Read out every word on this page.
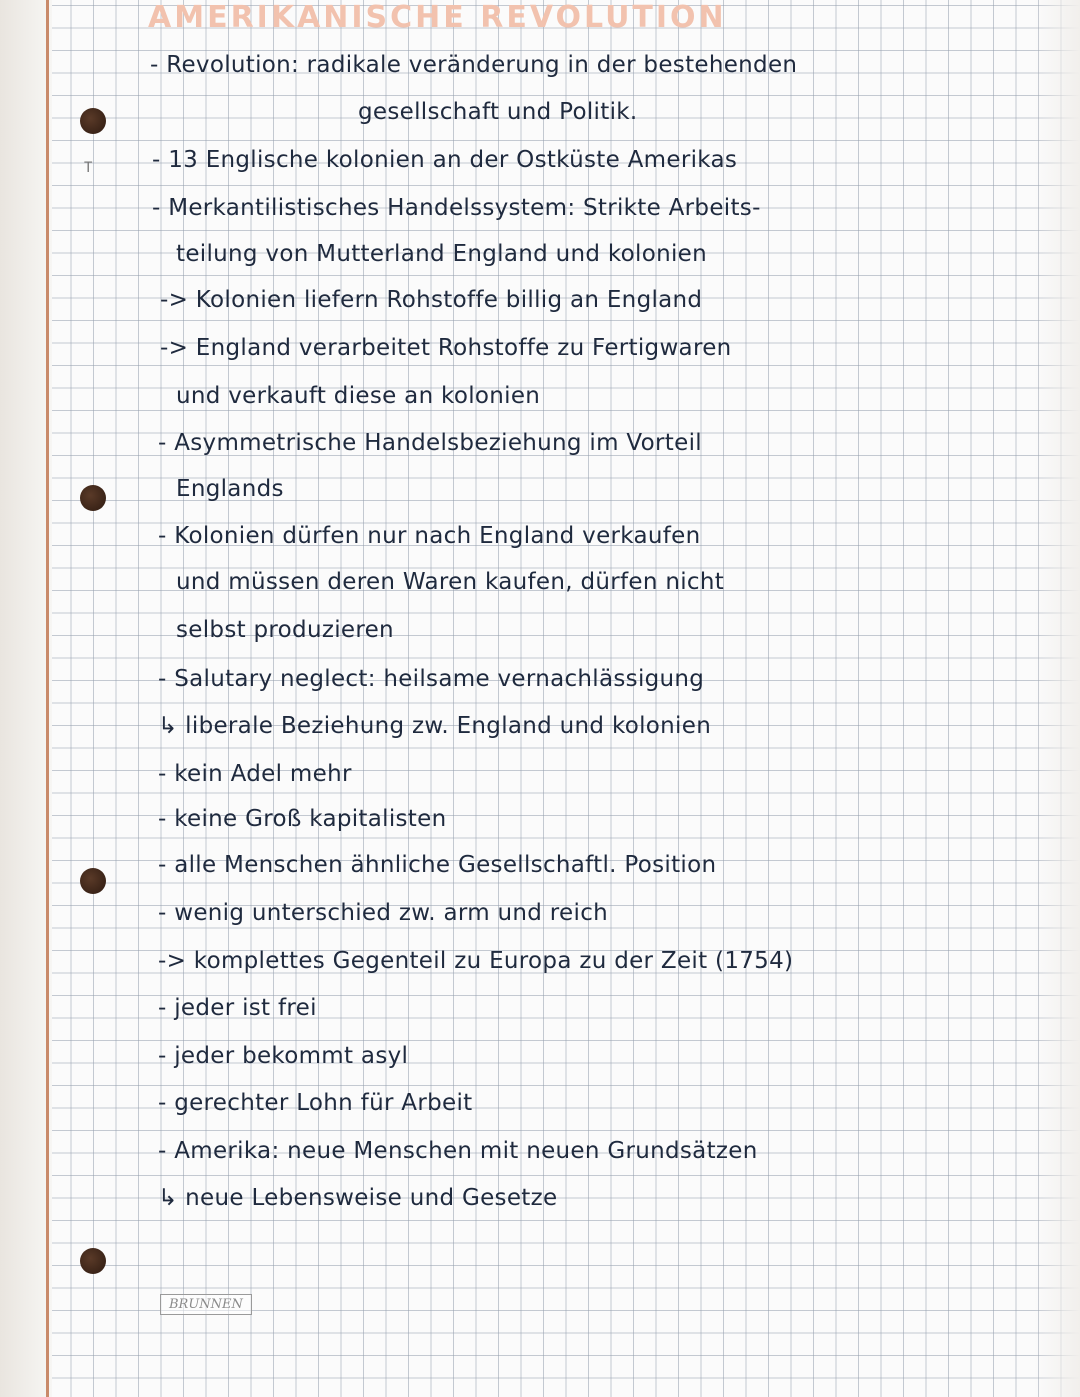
T
AMERIKANISCHE REVOLUTION
- Revolution: radikale veränderung in der bestehenden
gesellschaft und Politik.
- 13 Englische kolonien an der Ostküste Amerikas
- Merkantilistisches Handelssystem: Strikte Arbeits-
teilung von Mutterland England und kolonien
-> Kolonien liefern Rohstoffe billig an England
-> England verarbeitet Rohstoffe zu Fertigwaren
und verkauft diese an kolonien
- Asymmetrische Handelsbeziehung im Vorteil
Englands
- Kolonien dürfen nur nach England verkaufen
und müssen deren Waren kaufen, dürfen nicht
selbst produzieren
- Salutary neglect: heilsame vernachlässigung
↳ liberale Beziehung zw. England und kolonien
- kein Adel mehr
- keine Groß kapitalisten
- alle Menschen ähnliche Gesellschaftl. Position
- wenig unterschied zw. arm und reich
-> komplettes Gegenteil zu Europa zu der Zeit (1754)
- jeder ist frei
- jeder bekommt asyl
- gerechter Lohn für Arbeit
- Amerika: neue Menschen mit neuen Grundsätzen
↳ neue Lebensweise und Gesetze
BRUNNEN
